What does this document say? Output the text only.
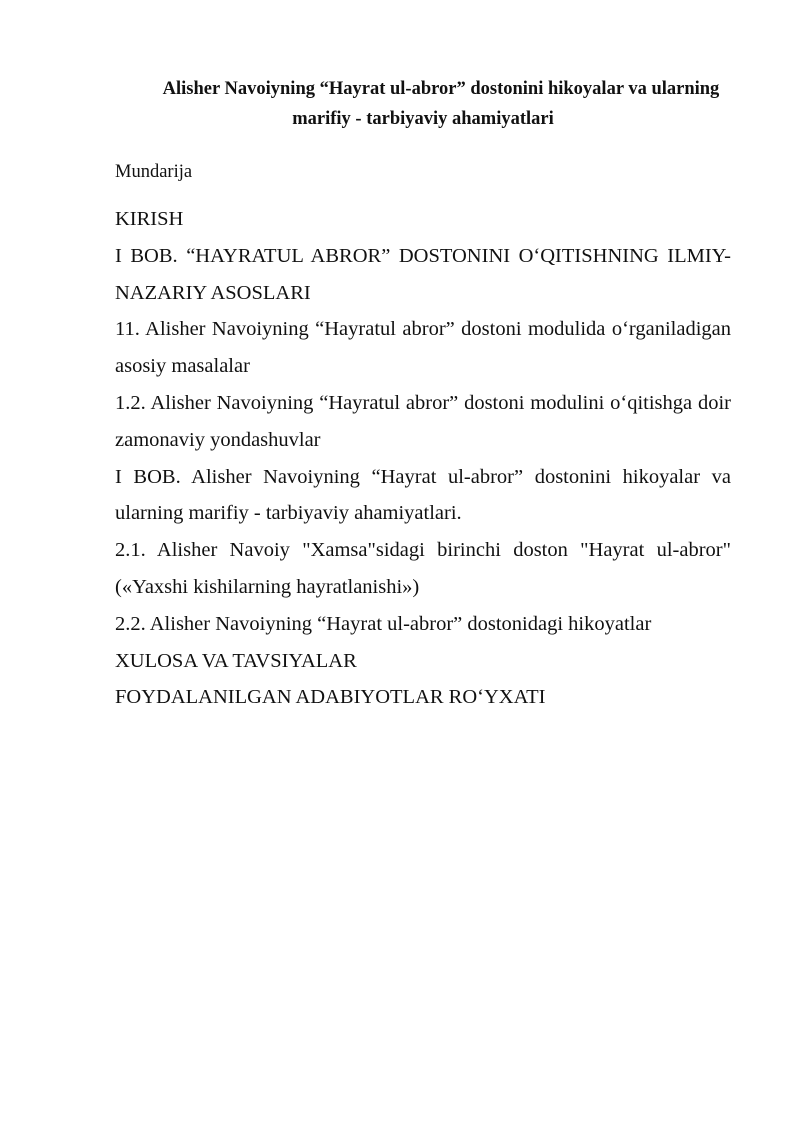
Alisher Navoiyning “Hayrat ul-abror” dostonini hikoyalar va ularning marifiy - tarbiyaviy ahamiyatlari
Mundarija
KIRISH
I BOB. “HAYRATUL ABROR” DOSTONINI O‘QITISHNING ILMIY-NAZARIY ASOSLARI
11. Alisher Navoiyning “Hayratul abror” dostoni modulida o‘rganiladigan asosiy masalalar
1.2. Alisher Navoiyning “Hayratul abror” dostoni modulini o‘qitishga doir zamonaviy yondashuvlar
I BOB. Alisher Navoiyning “Hayrat ul-abror” dostonini hikoyalar va ularning marifiy - tarbiyaviy ahamiyatlari.
2.1. Alisher Navoiy "Xamsa"sidagi birinchi doston "Hayrat ul-abror" («Yaxshi kishilarning hayratlanishi»)
2.2. Alisher Navoiyning “Hayrat ul-abror” dostonidagi hikoyatlar
XULOSA VA TAVSIYALAR
FOYDALANILGAN ADABIYOTLAR RO‘YXATI
